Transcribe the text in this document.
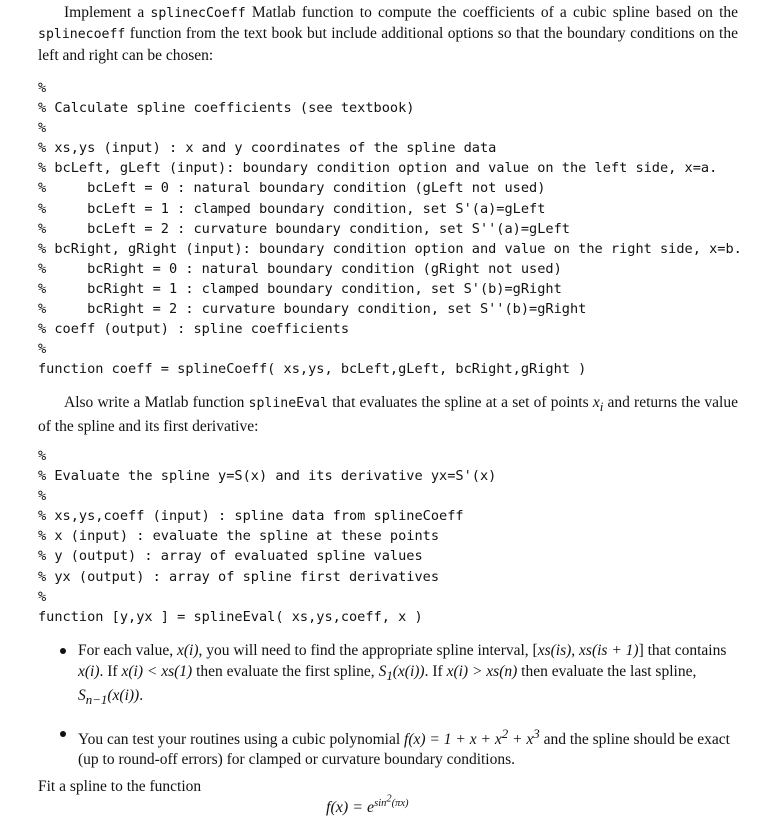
Implement a splinecCoeff Matlab function to compute the coefficients of a cubic spline based on the splinecoeff function from the text book but include additional options so that the boundary conditions on the left and right can be chosen:

%
% Calculate spline coefficients (see textbook)
%
% xs,ys (input) : x and y coordinates of the spline data
% bcLeft, gLeft (input): boundary condition option and value on the left side, x=a.
%     bcLeft = 0 : natural boundary condition (gLeft not used)
%     bcLeft = 1 : clamped boundary condition, set S'(a)=gLeft
%     bcLeft = 2 : curvature boundary condition, set S''(a)=gLeft
% bcRight, gRight (input): boundary condition option and value on the right side, x=b.
%     bcRight = 0 : natural boundary condition (gRight not used)
%     bcRight = 1 : clamped boundary condition, set S'(b)=gRight
%     bcRight = 2 : curvature boundary condition, set S''(b)=gRight
% coeff (output) : spline coefficients
%
function coeff = splineCoeff( xs,ys, bcLeft,gLeft, bcRight,gRight )

Also write a Matlab function splineEval that evaluates the spline at a set of points $x_i$ and returns the value of the spline and its first derivative:

%
% Evaluate the spline y=S(x) and its derivative yx=S'(x)
%
% xs,ys,coeff (input) : spline data from splineCoeff
% x (input) : evaluate the spline at these points
% y (output) : array of evaluated spline values
% yx (output) : array of spline first derivatives
%
function [y,yx ] = splineEval( xs,ys,coeff, x )
For each value, x(i), you will need to find the appropriate spline interval, [xs(is), xs(is + 1)] that contains x(i). If x(i) < xs(1) then evaluate the first spline, $S_1(x(i))$. If x(i) > xs(n) then evaluate the last spline, $S_{n-1}(x(i))$.
You can test your routines using a cubic polynomial $f(x) = 1 + x + x^2 + x^3$ and the spline should be exact (up to round-off errors) for clamped or curvature boundary conditions.

Fit a spline to the function

$f(x) = e^{sin^2(\pi x)}$
